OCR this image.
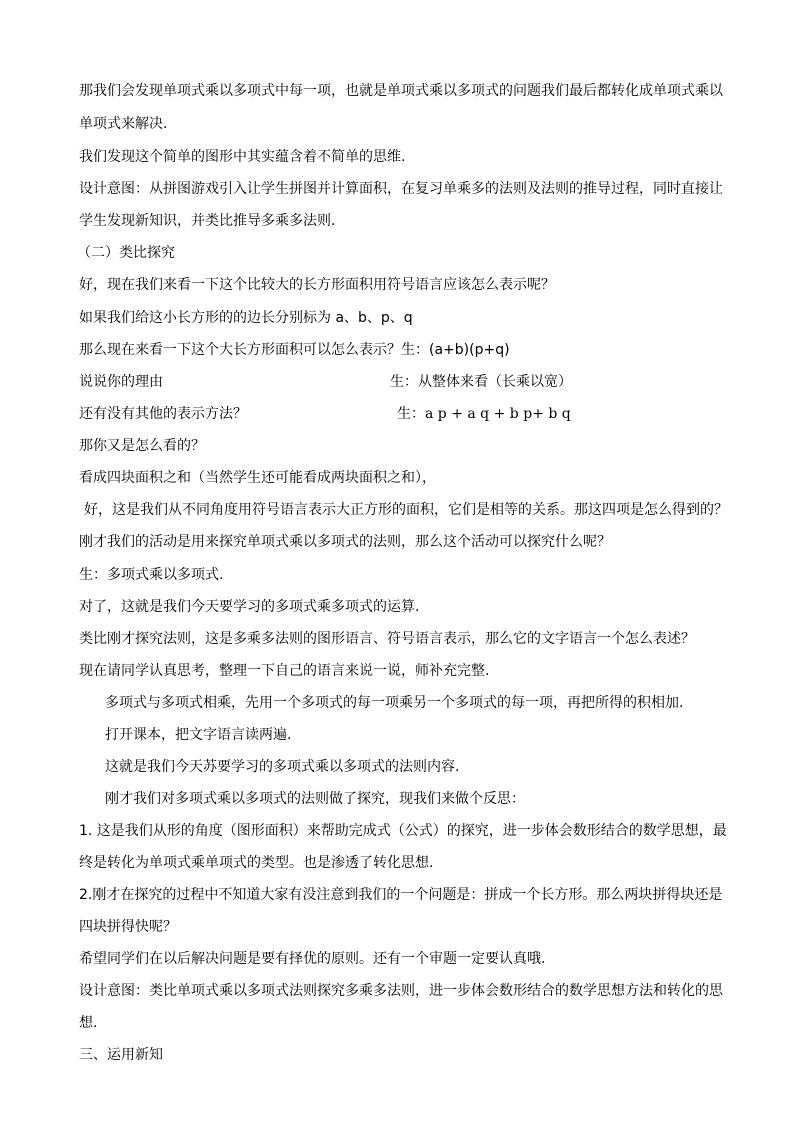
那我们会发现单项式乘以多项式中每一项，也就是单项式乘以多项式的问题我们最后都转化成单项式乘以
单项式来解决.
我们发现这个简单的图形中其实蕴含着不简单的思维.
设计意图：从拼图游戏引入让学生拼图并计算面积，在复习单乘多的法则及法则的推导过程，同时直接让
学生发现新知识，并类比推导多乘多法则.
（二）类比探究
好，现在我们来看一下这个比较大的长方形面积用符号语言应该怎么表示呢？
如果我们给这小长方形的的边长分别标为 a、b、p、q
那么现在来看一下这个大长方形面积可以怎么表示？生：(a+b)(p+q)
说说你的理由	生：从整体来看（长乘以宽）
还有没有其他的表示方法？	生：a p + a q + b p+ b q
那你又是怎么看的？
看成四块面积之和（当然学生还可能看成两块面积之和），
好，这是我们从不同角度用符号语言表示大正方形的面积，它们是相等的关系。那这四项是怎么得到的？
刚才我们的活动是用来探究单项式乘以多项式的法则，那么这个活动可以探究什么呢？
生：多项式乘以多项式.
对了，这就是我们今天要学习的多项式乘多项式的运算.
类比刚才探究法则，这是多乘多法则的图形语言、符号语言表示，那么它的文字语言一个怎么表述？
现在请同学认真思考，整理一下自己的语言来说一说，师补充完整.
多项式与多项式相乘，先用一个多项式的每一项乘另一个多项式的每一项，再把所得的积相加.
打开课本，把文字语言读两遍.
这就是我们今天苏要学习的多项式乘以多项式的法则内容.
刚才我们对多项式乘以多项式的法则做了探究，现我们来做个反思：
1. 这是我们从形的角度（图形面积）来帮助完成式（公式）的探究，进一步体会数形结合的数学思想，最
终是转化为单项式乘单项式的类型。也是渗透了转化思想.
2.刚才在探究的过程中不知道大家有没注意到我们的一个问题是：拼成一个长方形。那么两块拼得块还是
四块拼得快呢？
希望同学们在以后解决问题是要有择优的原则。还有一个审题一定要认真哦.
设计意图：类比单项式乘以多项式法则探究多乘多法则，进一步体会数形结合的数学思想方法和转化的思
想.
三、运用新知
